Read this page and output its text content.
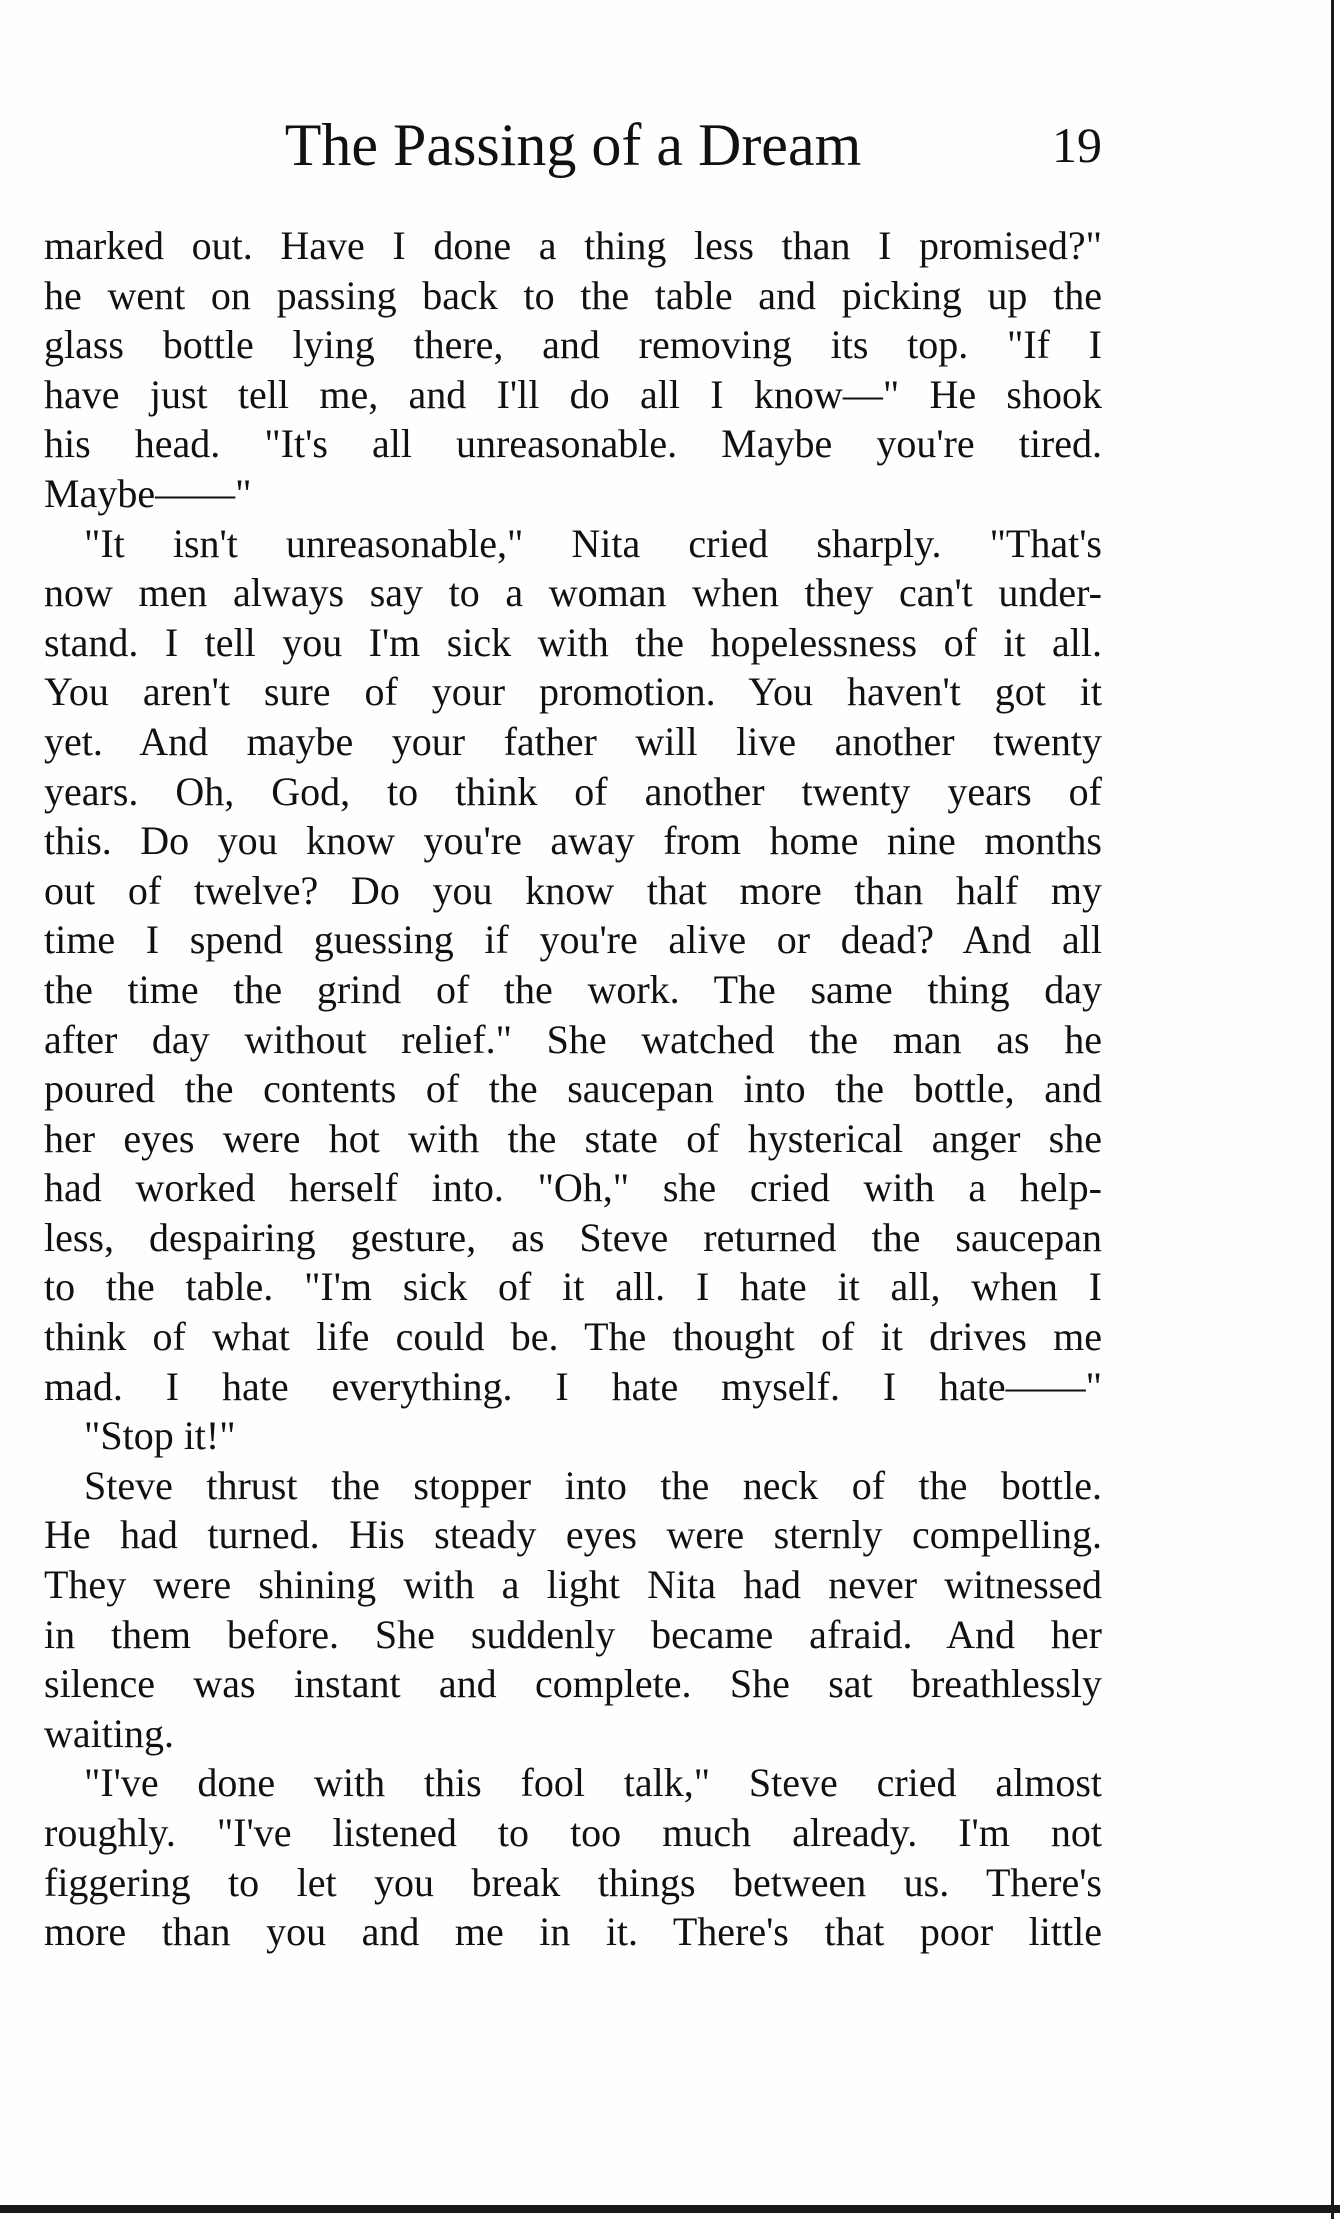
The Passing of a Dream	19
marked out. Have I done a thing less than I promised?"
he went on passing back to the table and picking up the
glass bottle lying there, and removing its top. "If I
have just tell me, and I'll do all I know—" He shook
his head. "It's all unreasonable. Maybe you're tired.
Maybe——"
"It isn't unreasonable," Nita cried sharply. "That's
now men always say to a woman when they can't under-
stand. I tell you I'm sick with the hopelessness of it all.
You aren't sure of your promotion. You haven't got it
yet. And maybe your father will live another twenty
years. Oh, God, to think of another twenty years of
this. Do you know you're away from home nine months
out of twelve? Do you know that more than half my
time I spend guessing if you're alive or dead? And all
the time the grind of the work. The same thing day
after day without relief." She watched the man as he
poured the contents of the saucepan into the bottle, and
her eyes were hot with the state of hysterical anger she
had worked herself into. "Oh," she cried with a help-
less, despairing gesture, as Steve returned the saucepan
to the table. "I'm sick of it all. I hate it all, when I
think of what life could be. The thought of it drives me
mad. I hate everything. I hate myself. I hate——"
"Stop it!"
Steve thrust the stopper into the neck of the bottle.
He had turned. His steady eyes were sternly compelling.
They were shining with a light Nita had never witnessed
in them before. She suddenly became afraid. And her
silence was instant and complete. She sat breathlessly
waiting.
"I've done with this fool talk," Steve cried almost
roughly. "I've listened to too much already. I'm not
figgering to let you break things between us. There's
more than you and me in it. There's that poor little
